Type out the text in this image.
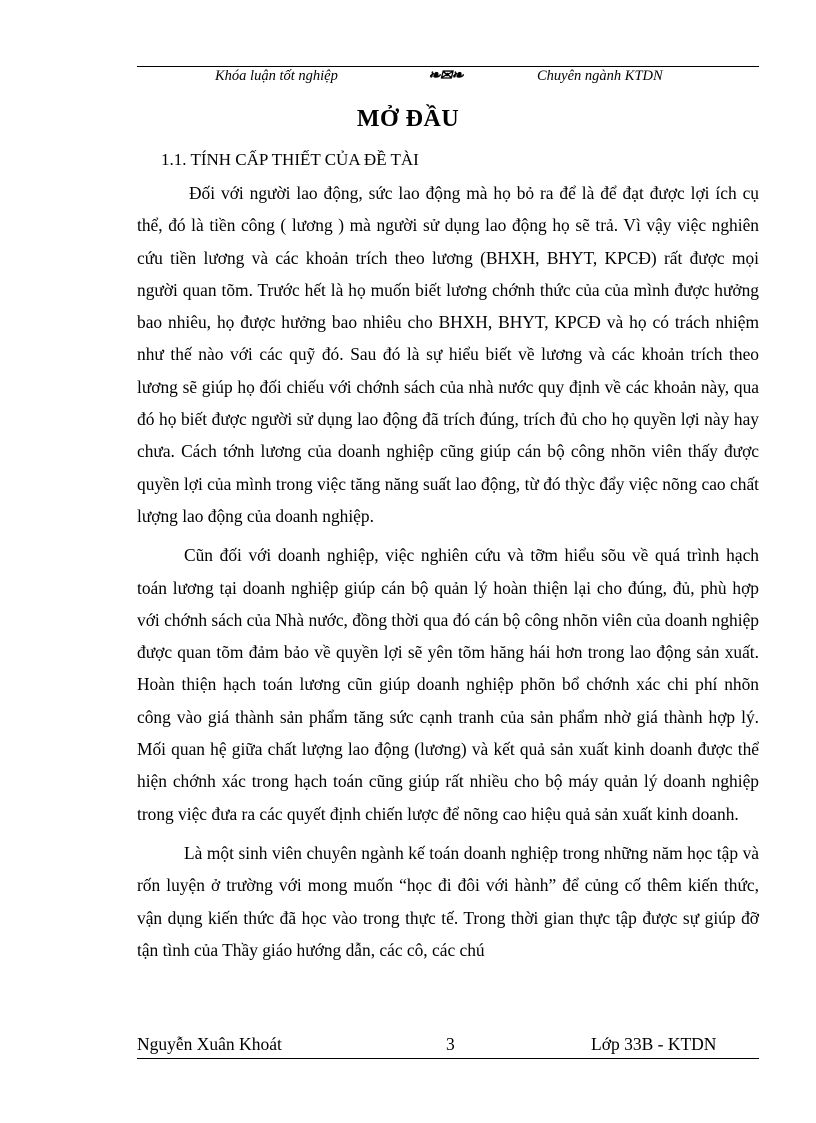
Khóa luận tốt nghiệp	❧✉❧	Chuyên ngành KTDN
MỞ ĐẦU
1.1. TÍNH CẤP THIẾT CỦA ĐỀ TÀI

Đối với người lao động, sức lao động mà họ bỏ ra để là để đạt được lợi ích cụ thể, đó là tiền công ( lương ) mà người sử dụng lao động họ sẽ trả. Vì vậy việc nghiên cứu tiền lương và các khoản trích theo lương (BHXH, BHYT, KPCĐ) rất được mọi người quan tõm. Trước hết là họ muốn biết lương chớnh thức của của mình được hưởng bao nhiêu, họ được hưởng bao nhiêu cho BHXH, BHYT, KPCĐ và họ có trách nhiệm như thế nào với các quỹ đó. Sau đó là sự hiểu biết về lương và các khoản trích theo lương sẽ giúp họ đối chiếu với chớnh sách của nhà nước quy định về các khoản này, qua đó họ biết được người sử dụng lao động đã trích đúng, trích đủ cho họ quyền lợi này hay chưa. Cách tớnh lương của doanh nghiệp cũng giúp cán bộ công nhõn viên thấy được quyền lợi của mình trong việc tăng năng suất lao động, từ đó thỳc đẩy việc nõng cao chất lượng lao động của doanh nghiệp.

Cũn đối với doanh nghiệp, việc nghiên cứu và tỡm hiểu sõu về quá trình hạch toán lương tại doanh nghiệp giúp cán bộ quản lý hoàn thiện lại cho đúng, đủ, phù hợp với chớnh sách của Nhà nước, đồng thời qua đó cán bộ công nhõn viên của doanh nghiệp được quan tõm đảm bảo về quyền lợi sẽ yên tõm hăng hái hơn trong lao động sản xuất. Hoàn thiện hạch toán lương cũn giúp doanh nghiệp phõn bổ chớnh xác chi phí nhõn công vào giá thành sản phẩm tăng sức cạnh tranh của sản phẩm nhờ giá thành hợp lý. Mối quan hệ giữa chất lượng lao động (lương) và kết quả sản xuất kinh doanh được thể hiện chớnh xác trong hạch toán cũng giúp rất nhiều cho bộ máy quản lý doanh nghiệp trong việc đưa ra các quyết định chiến lược để nõng cao hiệu quả sản xuất kinh doanh.

Là một sinh viên chuyên ngành kế toán doanh nghiệp trong những năm học tập và rốn luyện ở trường với mong muốn “học đi đôi với hành” để củng cố thêm kiến thức, vận dụng kiến thức đã học vào trong thực tế. Trong thời gian thực tập được sự giúp đỡ tận tình của Thầy giáo hướng dẫn, các cô, các chú

Nguyễn Xuân Khoát	3	Lớp 33B - KTDN
